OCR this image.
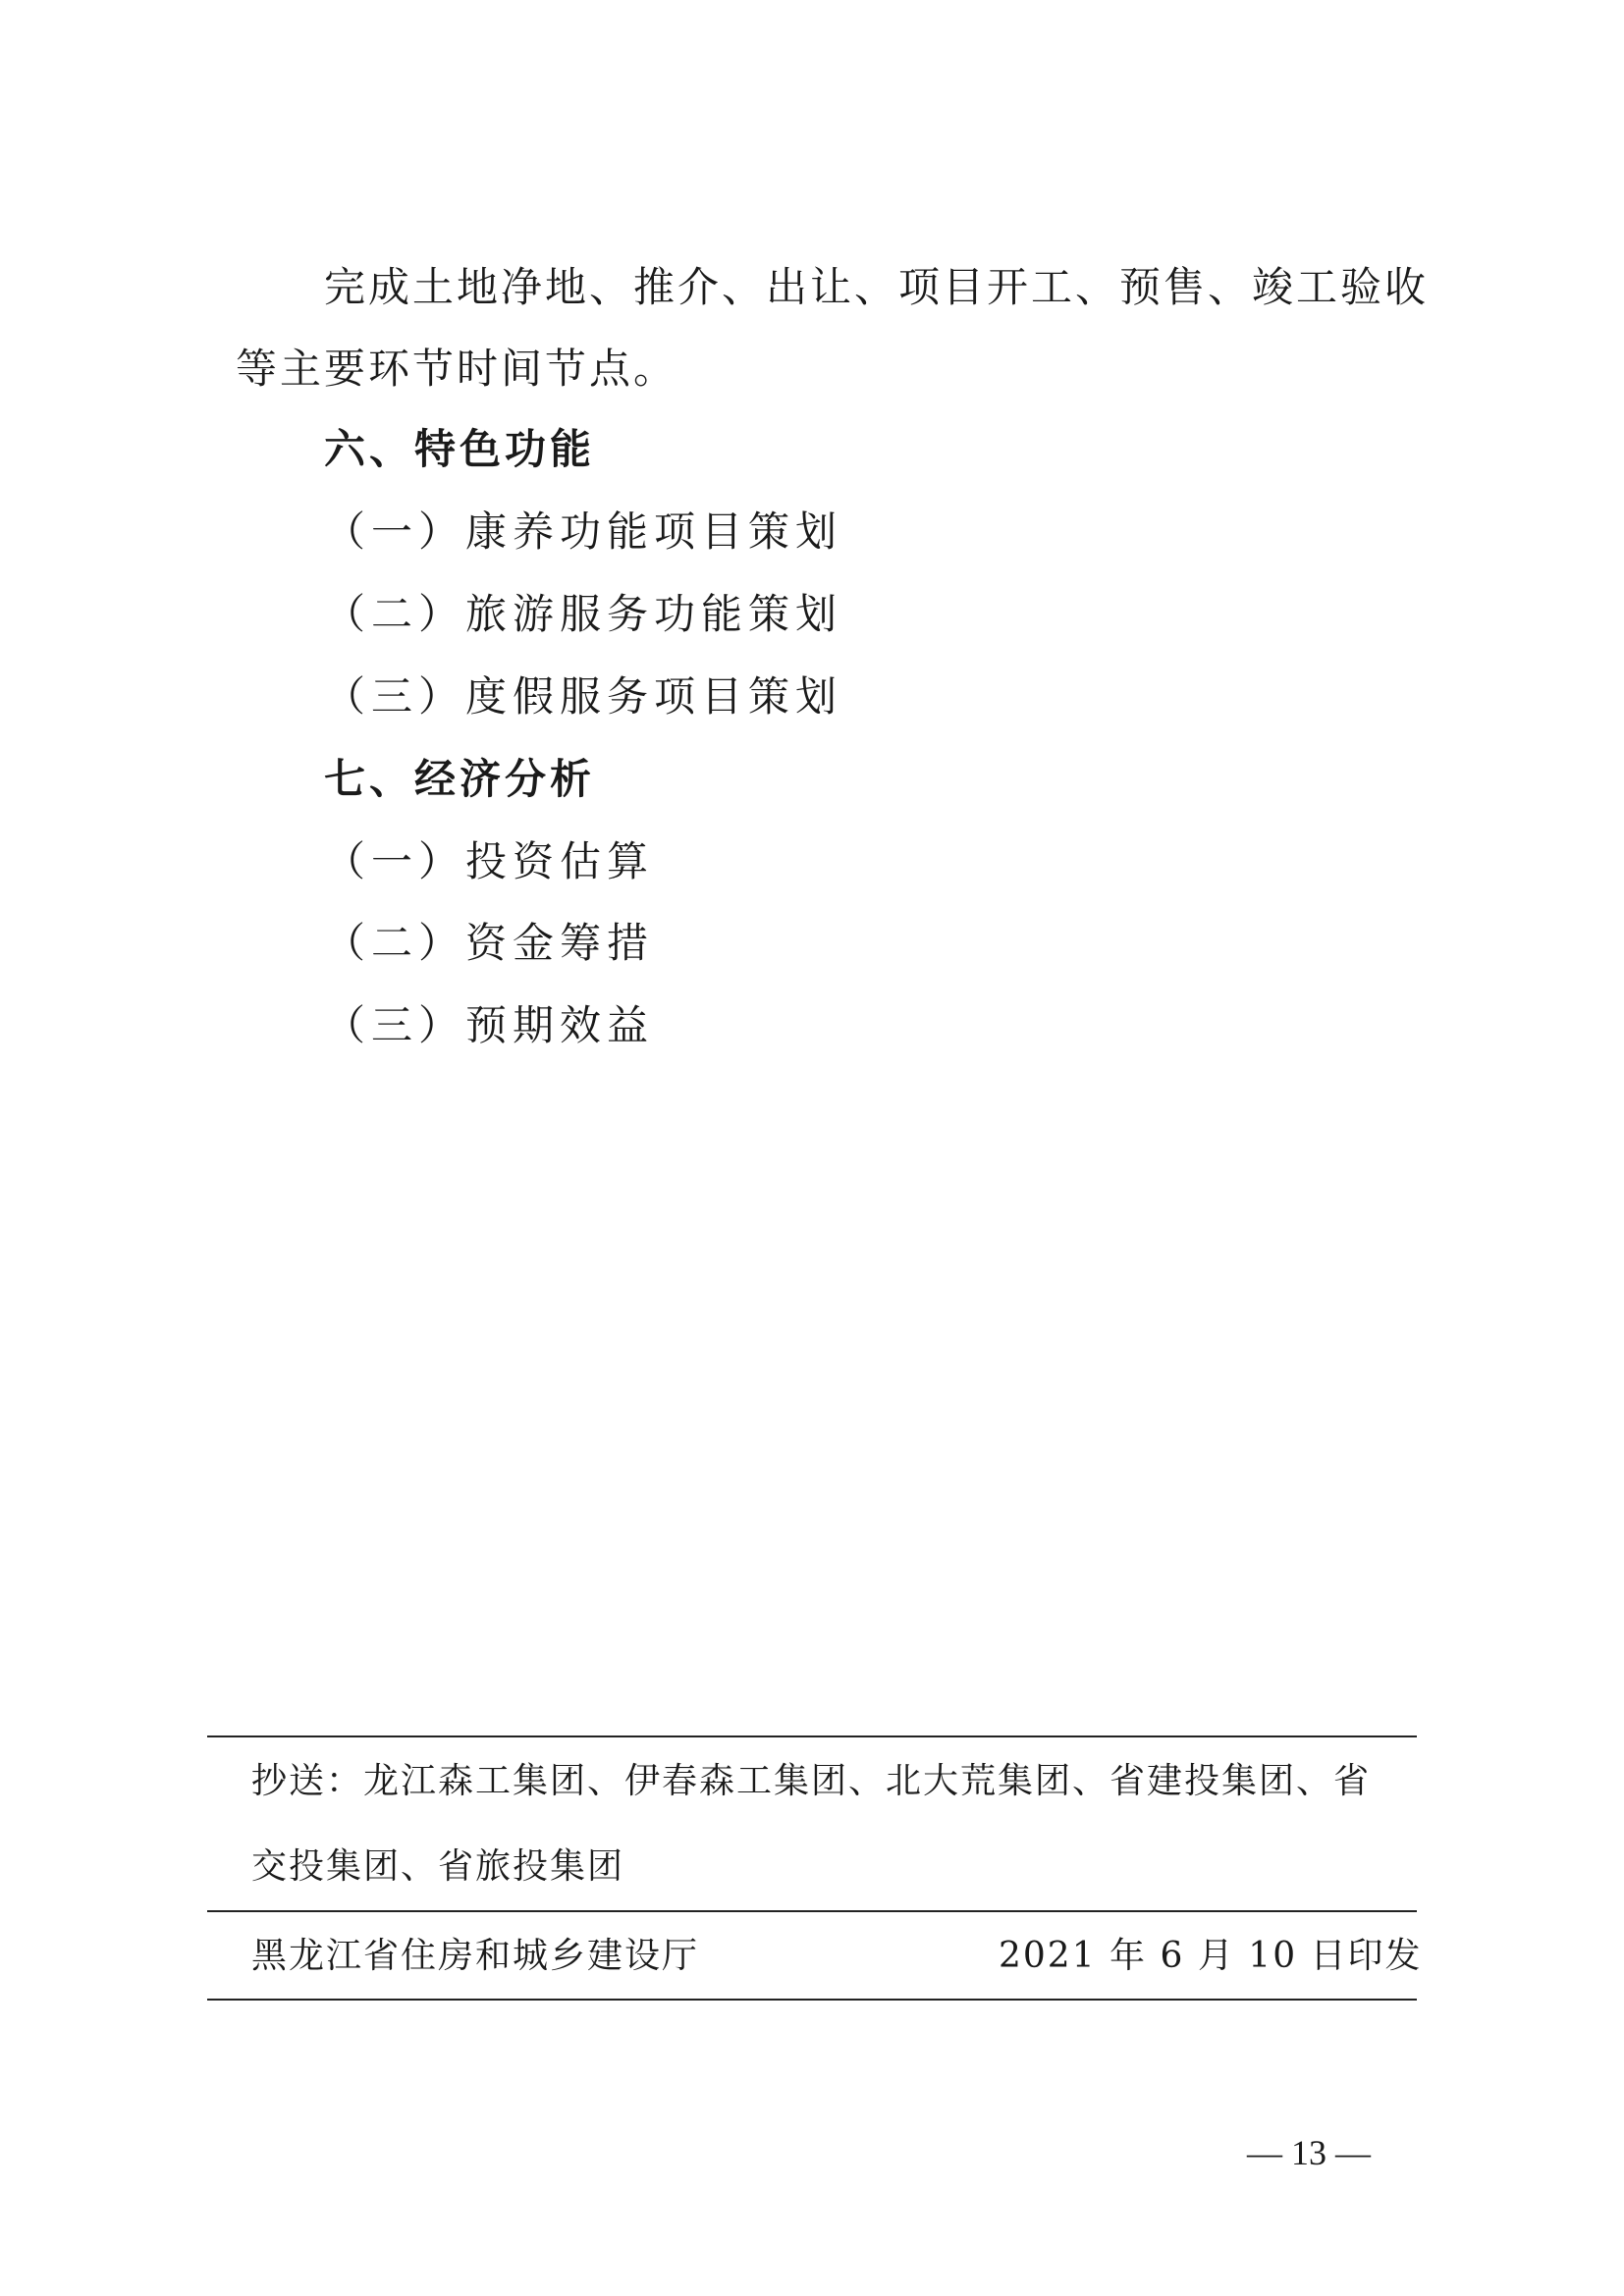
完成土地净地、推介、出让、项目开工、预售、竣工验收
等主要环节时间节点。
六、特色功能
（一）康养功能项目策划
（二）旅游服务功能策划
（三）度假服务项目策划
七、经济分析
（一）投资估算
（二）资金筹措
（三）预期效益
抄送：龙江森工集团、伊春森工集团、北大荒集团、省建投集团、省
交投集团、省旅投集团
黑龙江省住房和城乡建设厅	2021 年 6 月 10 日印发
— 13 —
